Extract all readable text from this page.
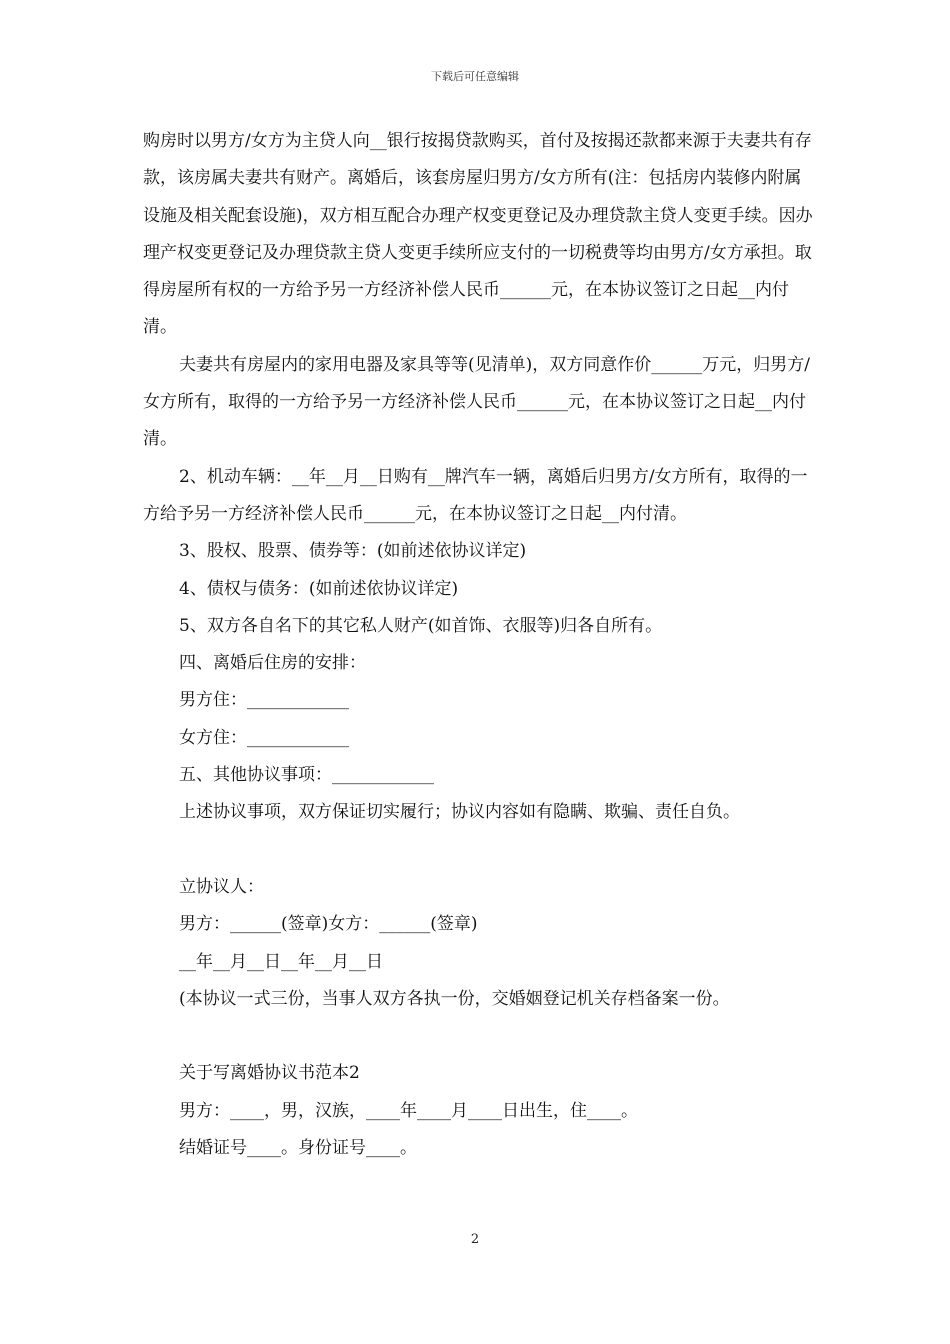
下载后可任意编辑

购房时以男方/女方为主贷人向__银行按揭贷款购买，首付及按揭还款都来源于夫妻共有存款，该房属夫妻共有财产。离婚后，该套房屋归男方/女方所有(注：包括房内装修内附属设施及相关配套设施)，双方相互配合办理产权变更登记及办理贷款主贷人变更手续。因办理产权变更登记及办理贷款主贷人变更手续所应支付的一切税费等均由男方/女方承担。取得房屋所有权的一方给予另一方经济补偿人民币______元，在本协议签订之日起__内付清。

夫妻共有房屋内的家用电器及家具等等(见清单)，双方同意作价______万元，归男方/女方所有，取得的一方给予另一方经济补偿人民币______元，在本协议签订之日起__内付清。

2、机动车辆：__年__月__日购有__牌汽车一辆，离婚后归男方/女方所有，取得的一方给予另一方经济补偿人民币______元，在本协议签订之日起__内付清。

3、股权、股票、债券等：(如前述依协议详定)

4、债权与债务：(如前述依协议详定)

5、双方各自名下的其它私人财产(如首饰、衣服等)归各自所有。

四、离婚后住房的安排：

男方住：____________

女方住：____________

五、其他协议事项：____________

上述协议事项，双方保证切实履行；协议内容如有隐瞒、欺骗、责任自负。

立协议人：

男方：______(签章)女方：______(签章)

__年__月__日__年__月__日

(本协议一式三份，当事人双方各执一份，交婚姻登记机关存档备案一份。

关于写离婚协议书范本2

男方：____，男，汉族，____年____月____日出生，住____。

结婚证号____。身份证号____。

2
